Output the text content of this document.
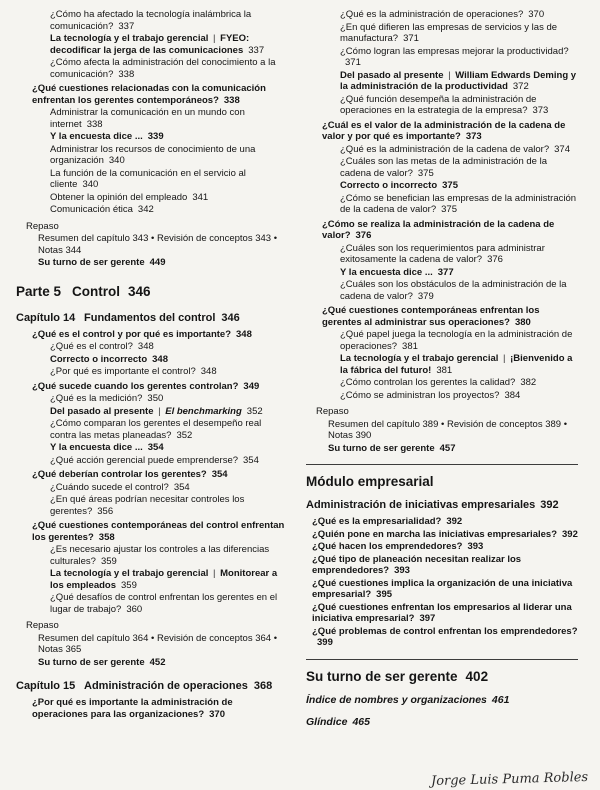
¿Cómo ha afectado la tecnología inalámbrica la comunicación? 337
La tecnología y el trabajo gerencial | FYEO: decodificar la jerga de las comunicaciones 337
¿Cómo afecta la administración del conocimiento a la comunicación? 338
¿Qué cuestiones relacionadas con la comunicación enfrentan los gerentes contemporáneos? 338
Administrar la comunicación en un mundo con internet 338
Y la encuesta dice ... 339
Administrar los recursos de conocimiento de una organización 340
La función de la comunicación en el servicio al cliente 340
Obtener la opinión del empleado 341
Comunicación ética 342
Repaso
Resumen del capítulo 343 • Revisión de conceptos 343 • Notas 344
Su turno de ser gerente 449
Parte 5 Control 346
Capítulo 14 Fundamentos del control 346
¿Qué es el control y por qué es importante? 348
¿Qué es el control? 348
Correcto o incorrecto 348
¿Por qué es importante el control? 348
¿Qué sucede cuando los gerentes controlan? 349
¿Qué es la medición? 350
Del pasado al presente | El benchmarking 352
¿Cómo comparan los gerentes el desempeño real contra las metas planeadas? 352
Y la encuesta dice ... 354
¿Qué acción gerencial puede emprenderse? 354
¿Qué deberían controlar los gerentes? 354
¿Cuándo sucede el control? 354
¿En qué áreas podrían necesitar controles los gerentes? 356
¿Qué cuestiones contemporáneas del control enfrentan los gerentes? 358
¿Es necesario ajustar los controles a las diferencias culturales? 359
La tecnología y el trabajo gerencial | Monitorear a los empleados 359
¿Qué desafíos de control enfrentan los gerentes en el lugar de trabajo? 360
Repaso
Resumen del capítulo 364 • Revisión de conceptos 364 • Notas 365
Su turno de ser gerente 452
Capítulo 15 Administración de operaciones 368
¿Por qué es importante la administración de operaciones para las organizaciones? 370
¿Qué es la administración de operaciones? 370
¿En qué difieren las empresas de servicios y las de manufactura? 371
¿Cómo logran las empresas mejorar la productividad?371
Del pasado al presente | William Edwards Deming y la administración de la productividad 372
¿Qué función desempeña la administración de operaciones en la estrategia de la empresa? 373
¿Cuál es el valor de la administración de la cadena de valor y por qué es importante? 373
¿Qué es la administración de la cadena de valor? 374
¿Cuáles son las metas de la administración de la cadena de valor? 375
Correcto o incorrecto 375
¿Cómo se benefician las empresas de la administración de la cadena de valor? 375
¿Cómo se realiza la administración de la cadena de valor? 376
¿Cuáles son los requerimientos para administrar exitosamente la cadena de valor? 376
Y la encuesta dice ... 377
¿Cuáles son los obstáculos de la administración de la cadena de valor? 379
¿Qué cuestiones contemporáneas enfrentan los gerentes al administrar sus operaciones? 380
¿Qué papel juega la tecnología en la administración de operaciones? 381
La tecnología y el trabajo gerencial | ¡Bienvenido a la fábrica del futuro! 381
¿Cómo controlan los gerentes la calidad? 382
¿Cómo se administran los proyectos? 384
Repaso
Resumen del capítulo 389 • Revisión de conceptos 389 • Notas 390
Su turno de ser gerente 457
Módulo empresarial
Administración de iniciativas empresariales 392
¿Qué es la empresarialidad? 392
¿Quién pone en marcha las iniciativas empresariales? 392
¿Qué hacen los emprendedores? 393
¿Qué tipo de planeación necesitan realizar los emprendedores? 393
¿Qué cuestiones implica la organización de una iniciativa empresarial? 395
¿Qué cuestiones enfrentan los empresarios al liderar una iniciativa empresarial? 397
¿Qué problemas de control enfrentan los emprendedores?399
Su turno de ser gerente 402
Índice de nombres y organizaciones 461
Glíndice 465
Jorge Luis Puma Robles
